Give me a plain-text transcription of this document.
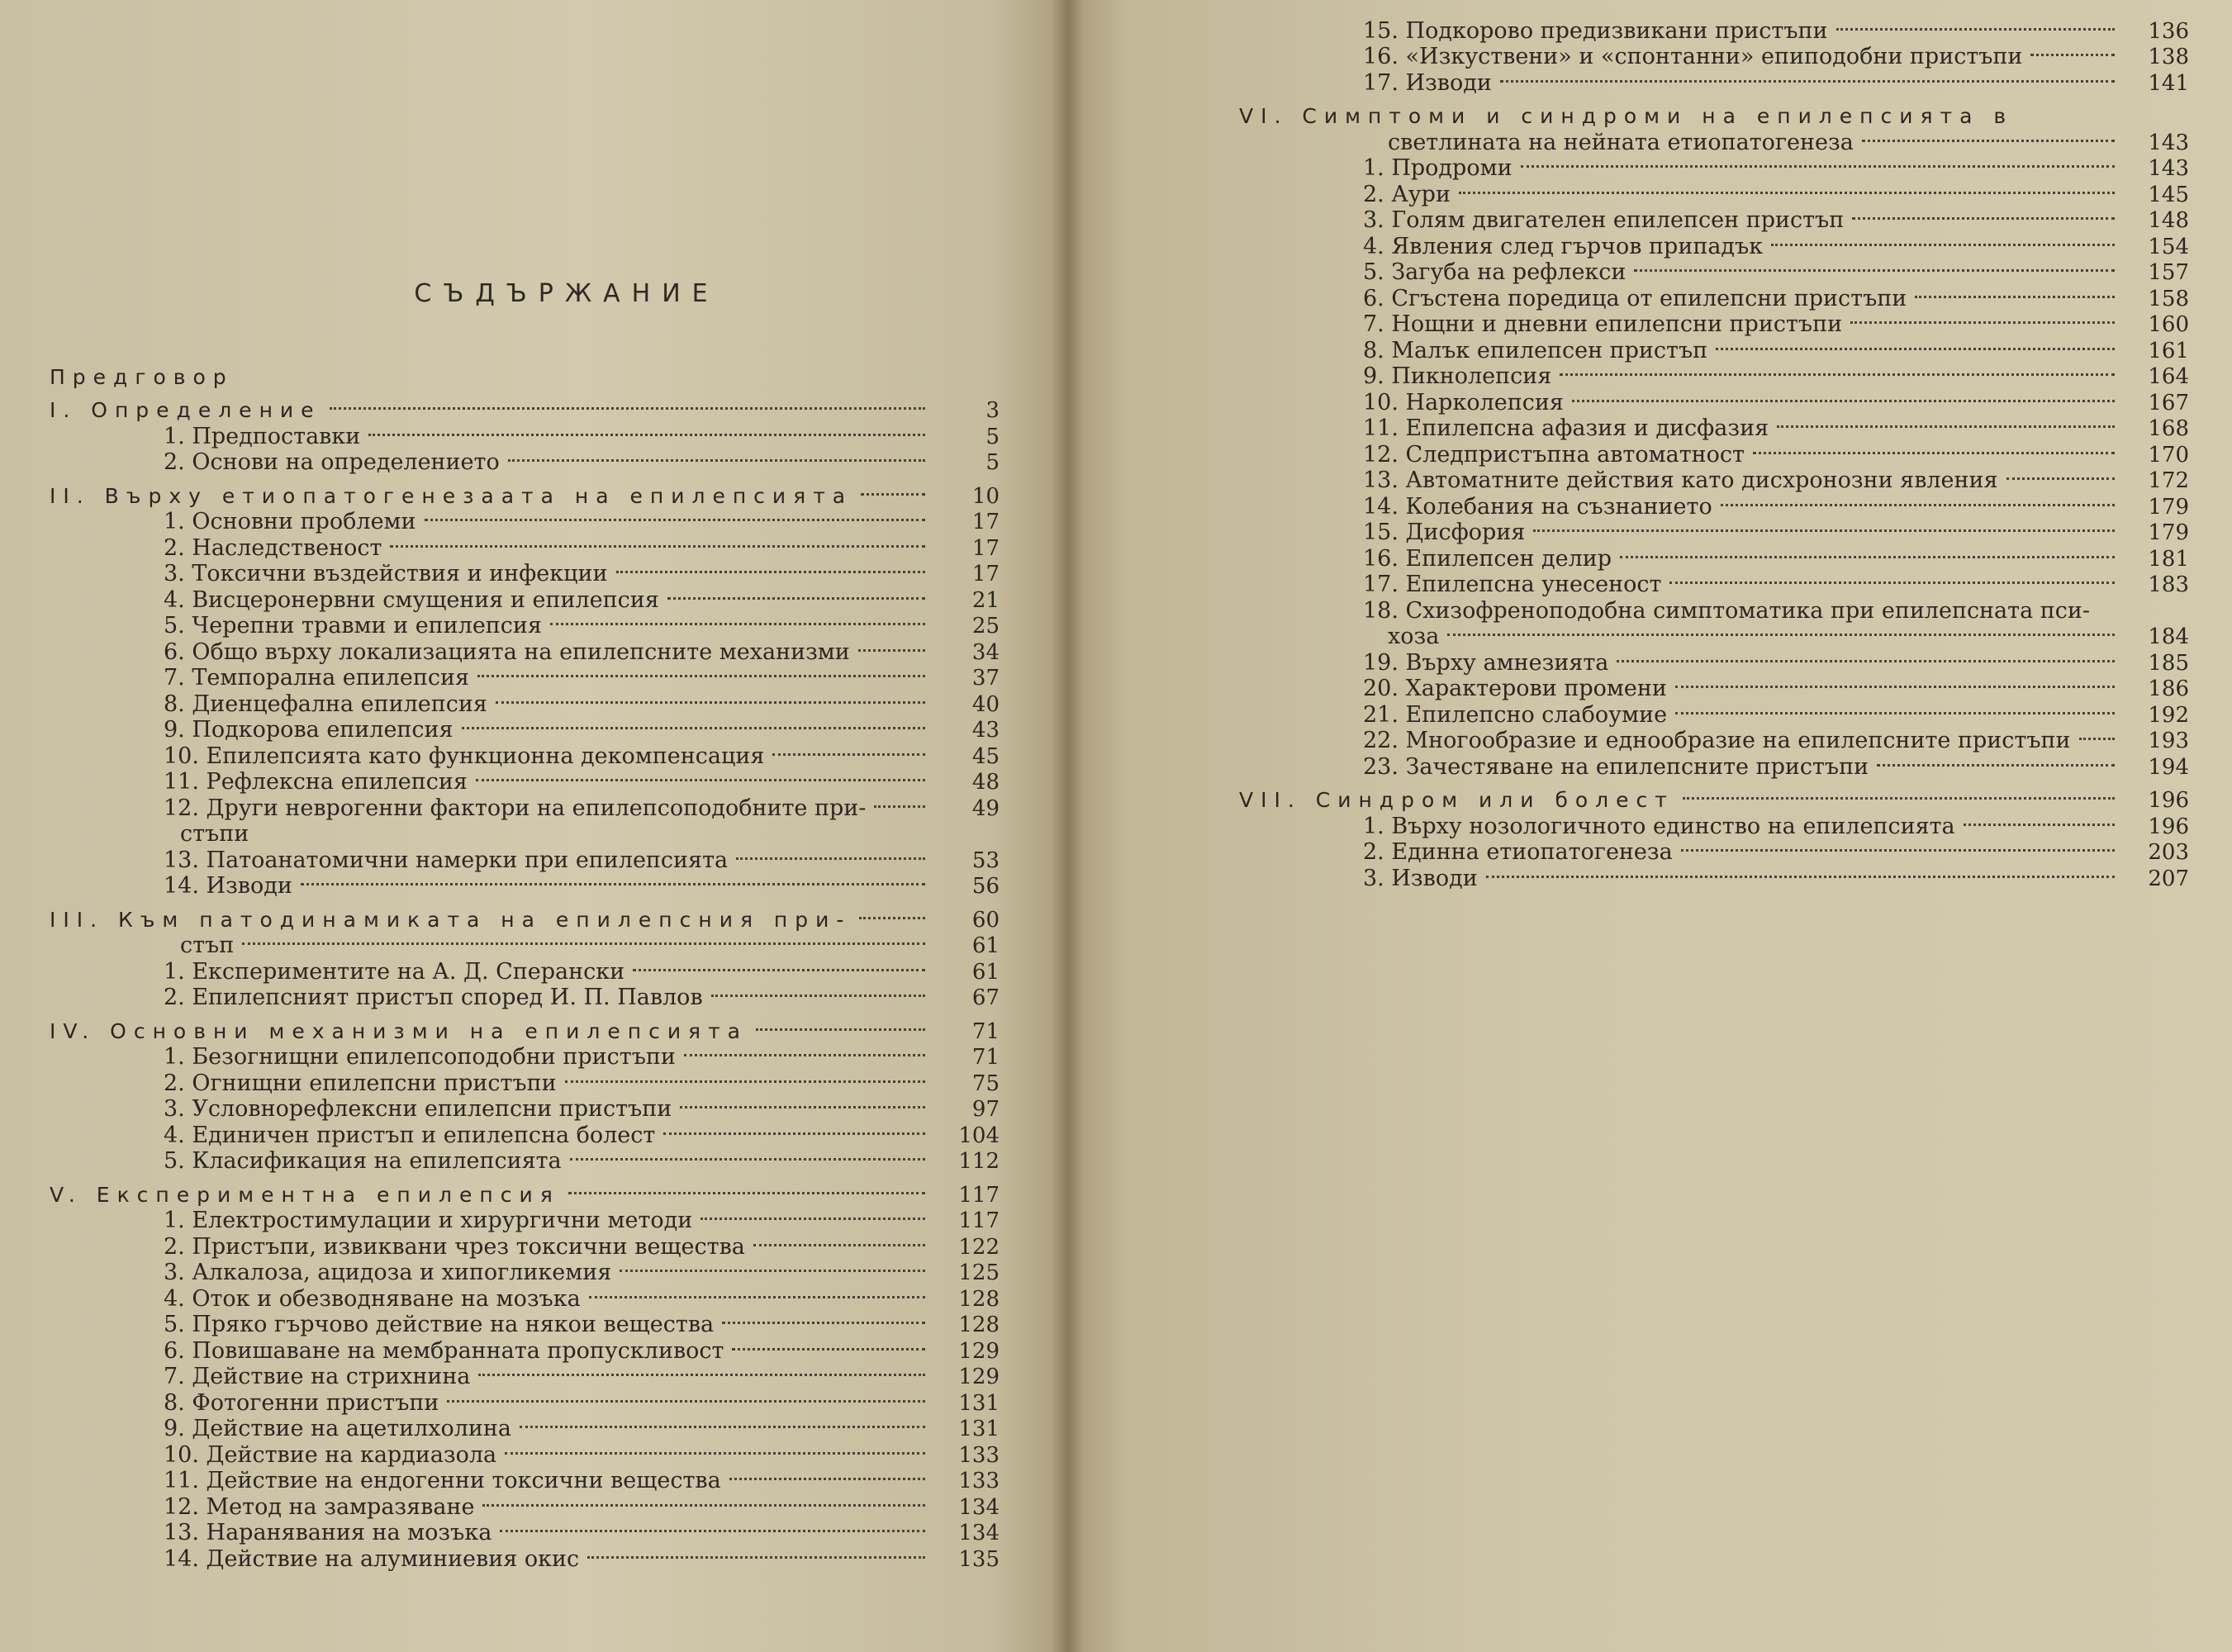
СЪДЪРЖАНИЕ
Предговор
I. Определение	3
1. Предпоставки	5
2. Основи на определението	5
II. Върху етиопатогенезаата на епилепсията	10
1. Основни проблеми	17
2. Наследственост	17
3. Токсични въздействия и инфекции	17
4. Висцеронервни смущения и епилепсия	21
5. Черепни травми и епилепсия	25
6. Общо върху локализацията на епилепсните механизми	34
7. Темпорална епилепсия	37
8. Диенцефална епилепсия	40
9. Подкорова епилепсия	43
10. Епилепсията като функционна декомпенсация	45
11. Рефлексна епилепсия	48
12. Други неврогенни фактори на епилепсоподобните при-	49
стъпи
13. Патоанатомични намерки при епилепсията	53
14. Изводи	56
III. Към патодинамиката на епилепсния при-	60
стъп	61
1. Експериментите на А. Д. Сперански	61
2. Епилепсният пристъп според И. П. Павлов	67
IV. Основни механизми на епилепсията	71
1. Безогнищни епилепсоподобни пристъпи	71
2. Огнищни епилепсни пристъпи	75
3. Условнорефлексни епилепсни пристъпи	97
4. Единичен пристъп и епилепсна болест	104
5. Класификация на епилепсията	112
V. Експериментна епилепсия	117
1. Електростимулации и хирургични методи	117
2. Пристъпи, извиквани чрез токсични вещества	122
3. Алкалоза, ацидоза и хипогликемия	125
4. Оток и обезводняване на мозъка	128
5. Пряко гърчово действие на някои вещества	128
6. Повишаване на мембранната пропускливост	129
7. Действие на стрихнина	129
8. Фотогенни пристъпи	131
9. Действие на ацетилхолина	131
10. Действие на кардиазола	133
11. Действие на ендогенни токсични вещества	133
12. Метод на замразяване	134
13. Наранявания на мозъка	134
14. Действие на алуминиевия окис	135
15. Подкорово предизвикани пристъпи	136
16. «Изкуствени» и «спонтанни» епиподобни пристъпи	138
17. Изводи	141
VI. Симптоми и синдроми на епилепсията в
светлината на нейната етиопатогенеза	143
1. Продроми	143
2. Аури	145
3. Голям двигателен епилепсен пристъп	148
4. Явления след гърчов припадък	154
5. Загуба на рефлекси	157
6. Сгъстена поредица от епилепсни пристъпи	158
7. Нощни и дневни епилепсни пристъпи	160
8. Малък епилепсен пристъп	161
9. Пикнолепсия	164
10. Нарколепсия	167
11. Епилепсна афазия и дисфазия	168
12. Следпристъпна автоматност	170
13. Автоматните действия като дисхронозни явления	172
14. Колебания на съзнанието	179
15. Дисфория	179
16. Епилепсен делир	181
17. Епилепсна унесеност	183
18. Схизофреноподобна симптоматика при епилепсната пси-
хоза	184
19. Върху амнезията	185
20. Характерови промени	186
21. Епилепсно слабоумие	192
22. Многообразие и еднообразие на епилепсните пристъпи	193
23. Зачестяване на епилепсните пристъпи	194
VII. Синдром или болест	196
1. Върху нозологичното единство на епилепсията	196
2. Единна етиопатогенеза	203
3. Изводи	207
